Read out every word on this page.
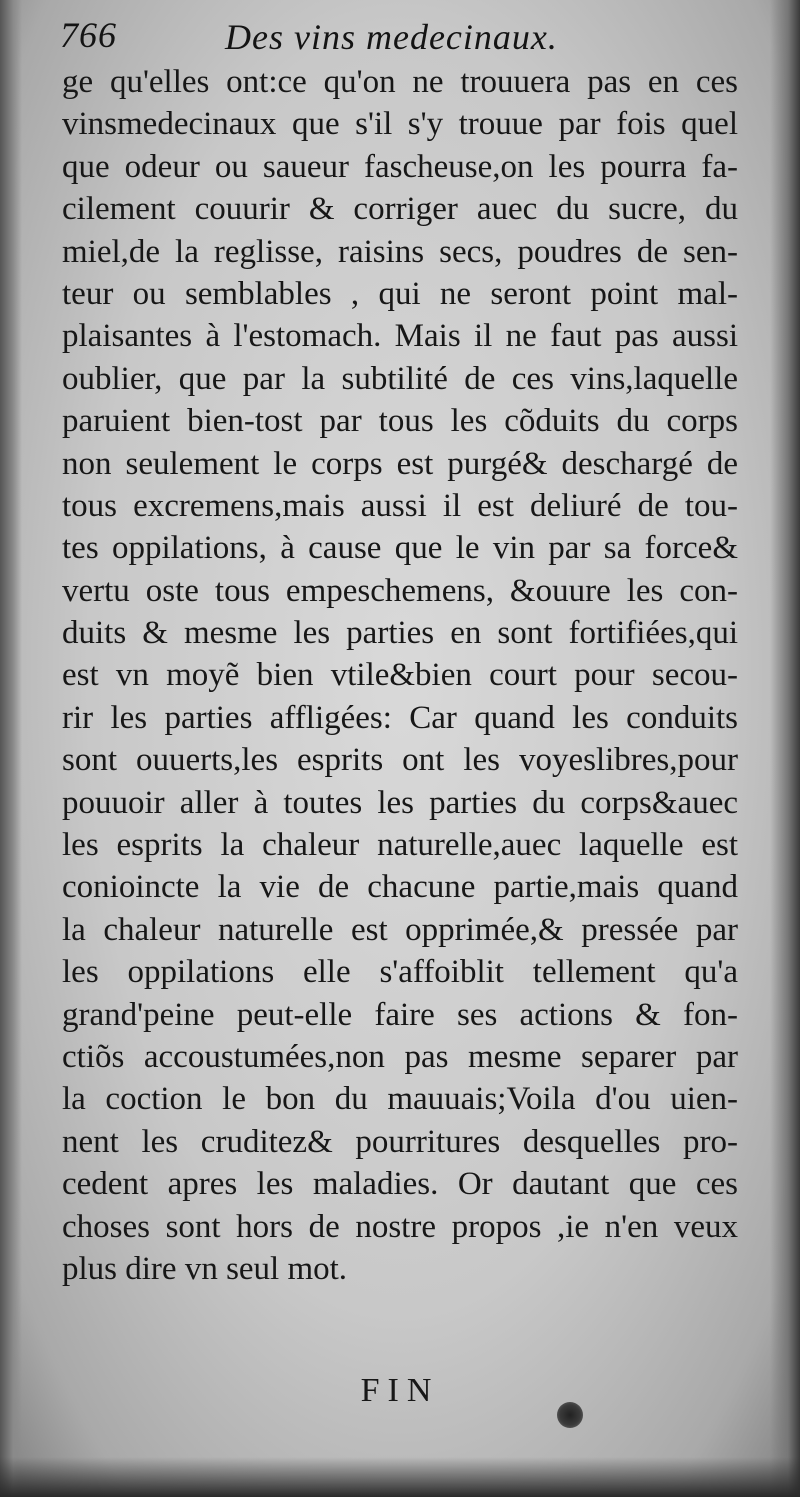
766	Des vins medecinaux.
ge qu'elles ont:ce qu'on ne trouuera pas en ces
vinsmedecinaux que s'il s'y trouue par fois quel
que odeur ou saueur fascheuse,on les pourra fa-
cilement couurir & corriger auec du sucre, du
miel,de la reglisse, raisins secs, poudres de sen-
teur ou semblables , qui ne seront point mal-
plaisantes à l'estomach. Mais il ne faut pas aussi
oublier, que par la subtilité de ces vins,laquelle
paruient bien-tost par tous les cõduits du corps
non seulement le corps est purgé& deschargé de
tous excremens,mais aussi il est deliuré de tou-
tes oppilations, à cause que le vin par sa force&
vertu oste tous empeschemens, &ouure les con-
duits & mesme les parties en sont fortifiées,qui
est vn moyẽ bien vtile&bien court pour secou-
rir les parties affligées: Car quand les conduits
sont ouuerts,les esprits ont les voyeslibres,pour
pouuoir aller à toutes les parties du corps&auec
les esprits la chaleur naturelle,auec laquelle est
conioincte la vie de chacune partie,mais quand
la chaleur naturelle est opprimée,& pressée par
les oppilations elle s'affoiblit tellement qu'a
grand'peine peut-elle faire ses actions & fon-
ctiõs accoustumées,non pas mesme separer par
la coction le bon du mauuais;Voila d'ou uien-
nent les cruditez& pourritures desquelles pro-
cedent apres les maladies. Or dautant que ces
choses sont hors de nostre propos ,ie n'en veux
plus dire vn seul mot.
FIN
